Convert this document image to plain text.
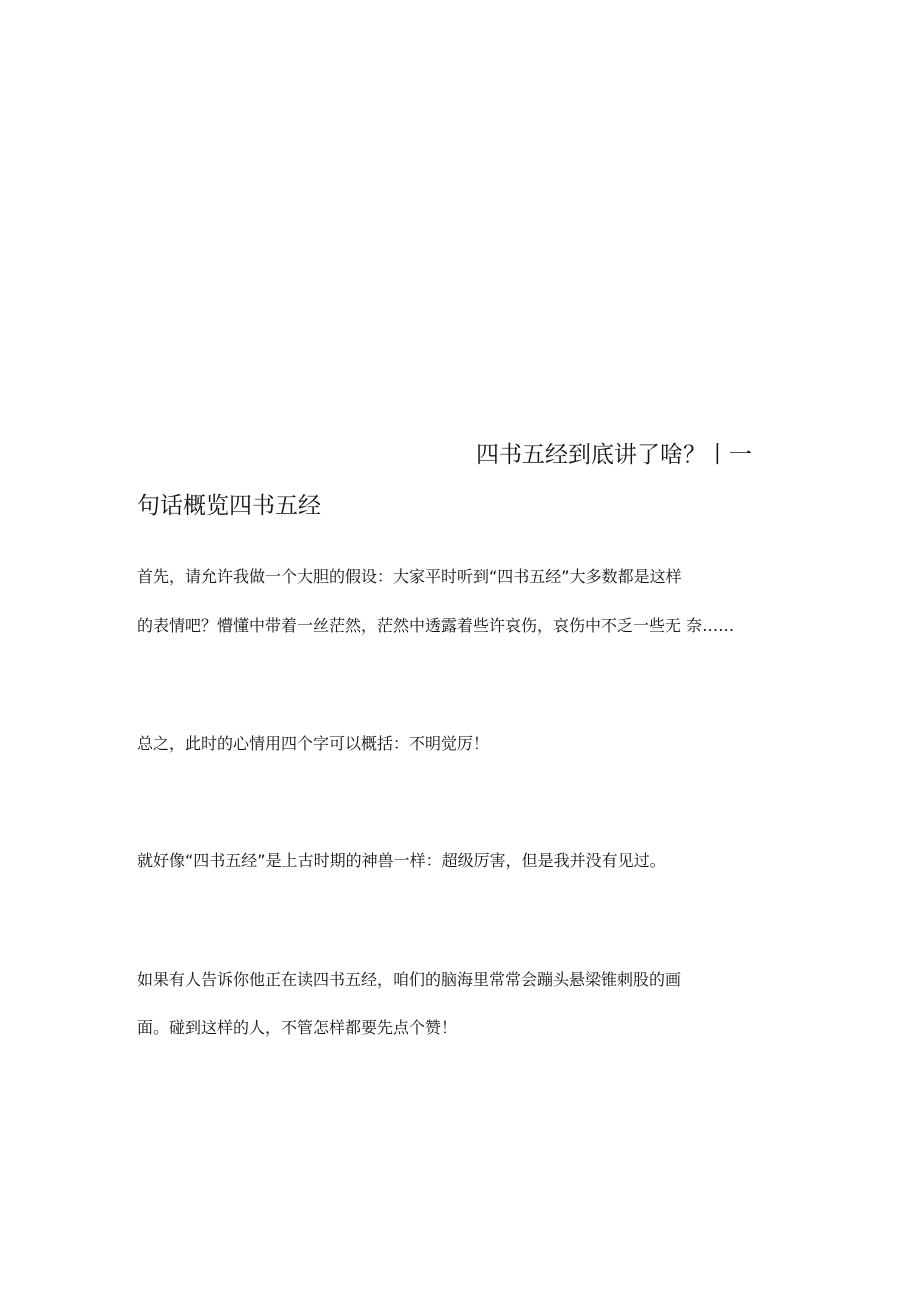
四书五经到底讲了啥？丨一
句话概览四书五经
首先，请允许我做一个大胆的假设：大家平时听到“四书五经”大多数都是这样
的表情吧？懵懂中带着一丝茫然，茫然中透露着些许哀伤，哀伤中不乏一些无 奈……
总之，此时的心情用四个字可以概括：不明觉厉！
就好像“四书五经”是上古时期的神兽一样：超级厉害，但是我并没有见过。
如果有人告诉你他正在读四书五经，咱们的脑海里常常会蹦头悬梁锥刺股的画
面。碰到这样的人，不管怎样都要先点个赞！
